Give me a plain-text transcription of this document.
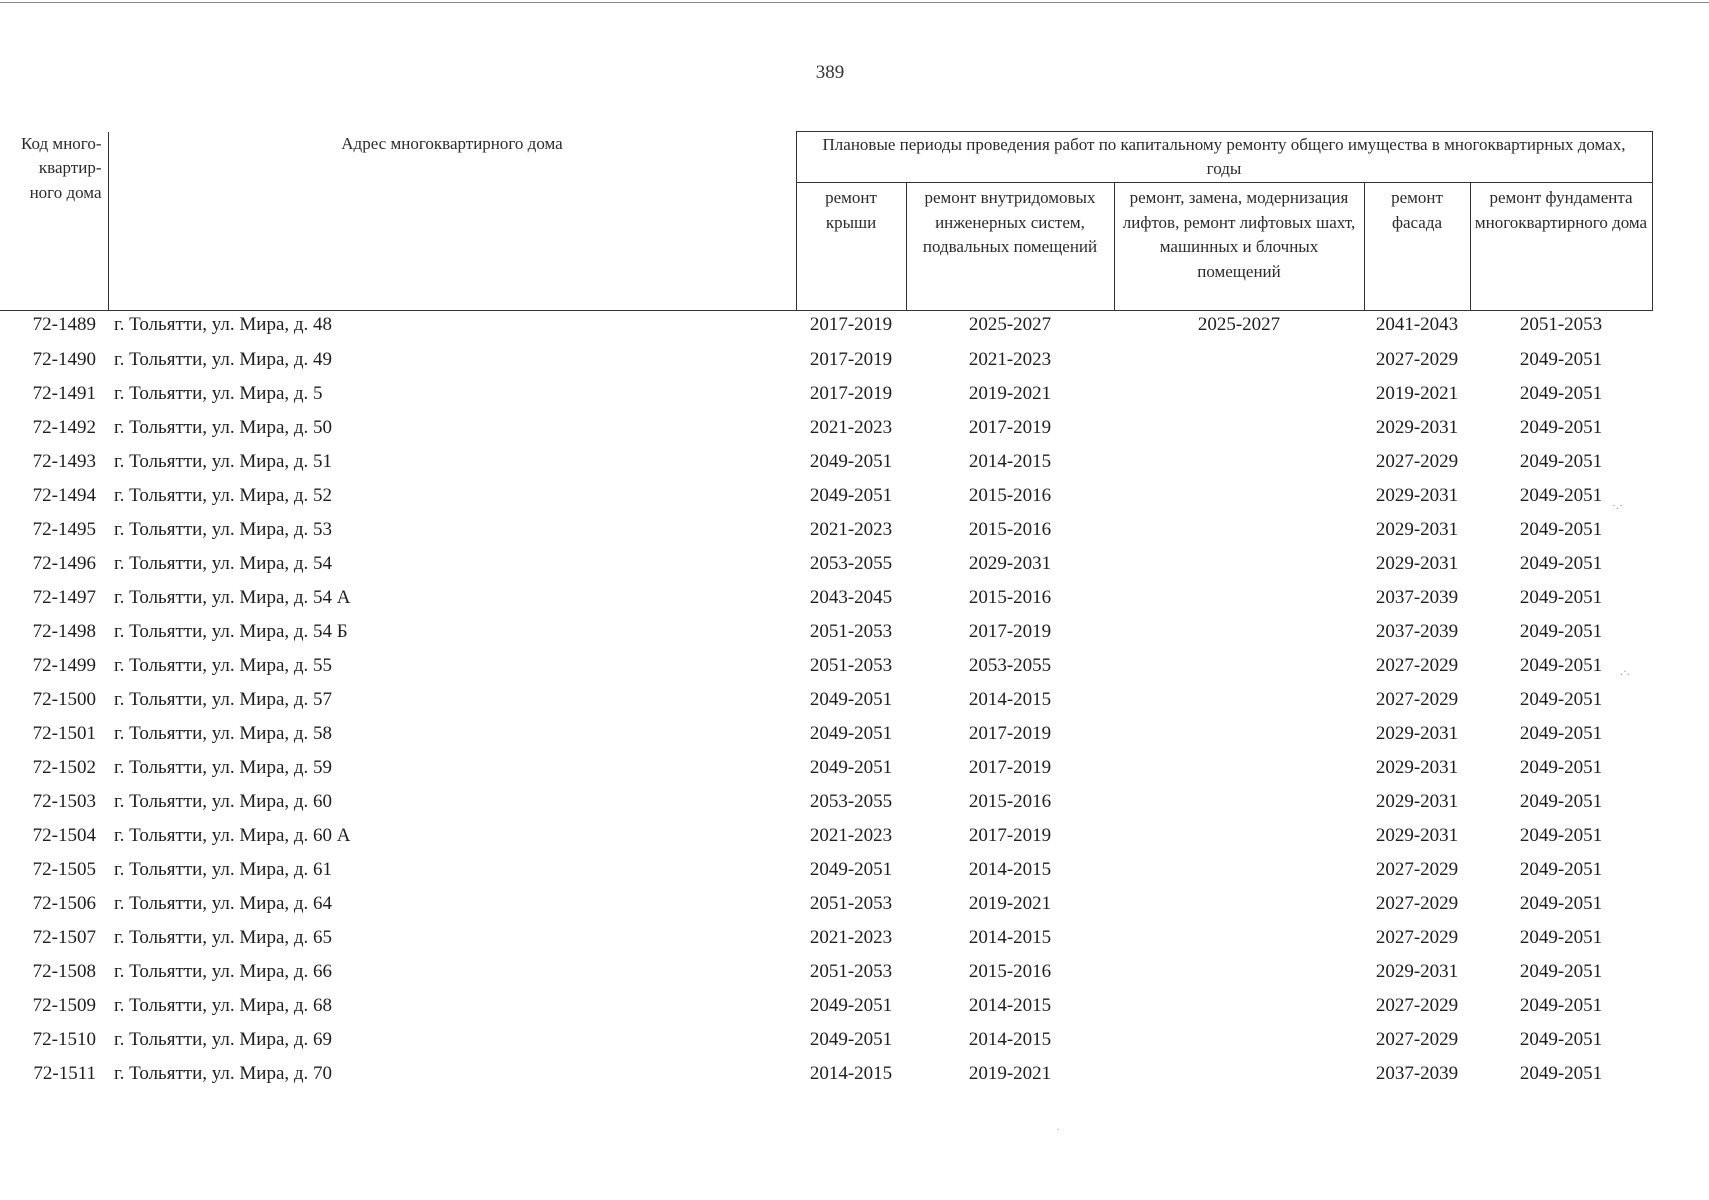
389
Код много-
квартир-
ного дома	Адрес многоквартирного дома	Плановые периоды проведения работ по капитальному ремонту общего имущества в многоквартирных домах, годы				
		ремонт крыши	ремонт внутридомовых инженерных систем, подвальных помещений	ремонт, замена, модернизация лифтов, ремонт лифтовых шахт, машинных и блочных помещений	ремонт фасада	ремонт фундамента многоквартирного дома
72-1489	г. Тольятти, ул. Мира, д. 48	2017-2019	2025-2027	2025-2027	2041-2043	2051-2053
72-1490	г. Тольятти, ул. Мира, д. 49	2017-2019	2021-2023		2027-2029	2049-2051
72-1491	г. Тольятти, ул. Мира, д. 5	2017-2019	2019-2021		2019-2021	2049-2051
72-1492	г. Тольятти, ул. Мира, д. 50	2021-2023	2017-2019		2029-2031	2049-2051
72-1493	г. Тольятти, ул. Мира, д. 51	2049-2051	2014-2015		2027-2029	2049-2051
72-1494	г. Тольятти, ул. Мира, д. 52	2049-2051	2015-2016		2029-2031	2049-2051
72-1495	г. Тольятти, ул. Мира, д. 53	2021-2023	2015-2016		2029-2031	2049-2051
72-1496	г. Тольятти, ул. Мира, д. 54	2053-2055	2029-2031		2029-2031	2049-2051
72-1497	г. Тольятти, ул. Мира, д. 54 А	2043-2045	2015-2016		2037-2039	2049-2051
72-1498	г. Тольятти, ул. Мира, д. 54 Б	2051-2053	2017-2019		2037-2039	2049-2051
72-1499	г. Тольятти, ул. Мира, д. 55	2051-2053	2053-2055		2027-2029	2049-2051
72-1500	г. Тольятти, ул. Мира, д. 57	2049-2051	2014-2015		2027-2029	2049-2051
72-1501	г. Тольятти, ул. Мира, д. 58	2049-2051	2017-2019		2029-2031	2049-2051
72-1502	г. Тольятти, ул. Мира, д. 59	2049-2051	2017-2019		2029-2031	2049-2051
72-1503	г. Тольятти, ул. Мира, д. 60	2053-2055	2015-2016		2029-2031	2049-2051
72-1504	г. Тольятти, ул. Мира, д. 60 А	2021-2023	2017-2019		2029-2031	2049-2051
72-1505	г. Тольятти, ул. Мира, д. 61	2049-2051	2014-2015		2027-2029	2049-2051
72-1506	г. Тольятти, ул. Мира, д. 64	2051-2053	2019-2021		2027-2029	2049-2051
72-1507	г. Тольятти, ул. Мира, д. 65	2021-2023	2014-2015		2027-2029	2049-2051
72-1508	г. Тольятти, ул. Мира, д. 66	2051-2053	2015-2016		2029-2031	2049-2051
72-1509	г. Тольятти, ул. Мира, д. 68	2049-2051	2014-2015		2027-2029	2049-2051
72-1510	г. Тольятти, ул. Мира, д. 69	2049-2051	2014-2015		2027-2029	2049-2051
72-1511	г. Тольятти, ул. Мира, д. 70	2014-2015	2019-2021		2037-2039	2049-2051
·.·
.·.
·
